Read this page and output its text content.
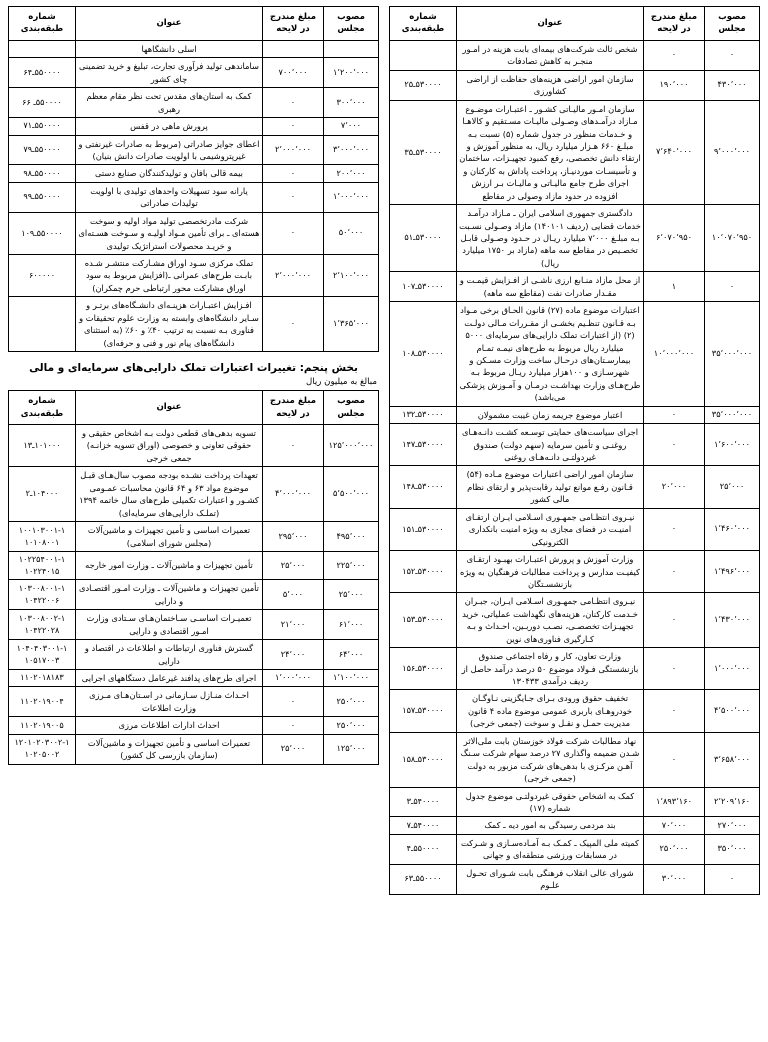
مصوب مجلس	مبلغ مندرج در لایحه	عنوان	شماره طبقه‌بندی
		اسلی دانشگاهها	
۱٬۲۰۰٬۰۰۰	۷۰۰٬۰۰۰	ساماندهی تولید فرآوری تجارت، تبلیغ و خرید تضمینی چای کشور	۵۵۰۰۰۰ـ۶۴
۳۰۰٬۰۰۰	۰	کمک به استان‌های مقدس تحت نظر مقام معظم رهبری	۵۵۰۰۰۰ـ ۶۶
۷٬۰۰۰	۰	پرورش ماهی در قفس	۵۵۰۰۰۰ـ۷۱
۳٬۰۰۰٬۰۰۰	۲٬۰۰۰٬۰۰۰	اعطای جوایز صادراتی (مربوط به صادرات غیرنفتی و غیرپتروشیمی با اولویت صادرات دانش بنیان)	۵۵۰۰۰۰ـ۷۹
۲۰۰٬۰۰۰	۰	بیمه قالی بافان و تولیدکنندگان صنایع دستی	۵۵۰۰۰۰ـ۹۸
۱٬۰۰۰٬۰۰۰	۰	یارانه سود تسهیلات واحدهای تولیدی با اولویت تولیدات صادراتی	۵۵۰۰۰۰ـ۹۹
۵۰٬۰۰۰	۰	شرکت مادرتخصصی تولید مواد اولیه و سوخت هسته‌ای ـ برای تأمین مـواد اولیـه و سـوخت هسـته‌ای و خریـد محصولات استراتژیک تولیدی	۵۵۰۰۰۰ـ۱۰۹
۲٬۱۰۰٬۰۰۰	۲٬۰۰۰٬۰۰۰	تملک مرکزی سـود اوراق مشـارکت منتشـر شـده بابـت طرح‌های عمرانی ـ(افزایش مربوط به سود اوراق مشارکت محور ارتباطی حرم چمکران)	۶۰۰۰۰۰
۱٬۳۶۵٬۰۰۰	۰	افـزایش اعتبـارات هزینـه‌ای دانشـگاه‌های برتـر و سـایر دانشگاه‌های وابسته به وزارت علوم تحقیقات و فناوری بـه نسبت به ترتیب ۴۰٪ و ۶۰٪ (به استثنای دانشگاه‌های پیام نور و فنی و حرفه‌ای)	
بخش پنجم: تغییرات اعتبارات تملک دارایی‌های سرمایه‌ای و مالی
مبالغ به میلیون ریال
مصوب مجلس	مبلغ مندرج در لایحه	عنوان	شماره طبقه‌بندی
۱۲۵٬۰۰۰٬۰۰۰	۰	تسویه بدهی‌های قطعی دولت بـه اشخاص حقیقی و حقوقی تعاونی و خصوصی (اوراق تسویه خزانـه) جمعی خرجی	۱۰۱۰۰۰ـ۱۳
۵٬۵۰۰٬۰۰۰	۴٬۰۰۰٬۰۰۰	تعهدات پرداخت نشـده بودجه مصوب سال‌هـای قبـل موضوع مواد ۶۳ و ۶۴ قانون محاسبات عمـومی کشـور و اعتبارات تکمیلی طرح‌های سال خاتمه ۱۳۹۴ (تملـک دارایی‌های سرمایه‌ای)	۱۰۴۰۰۰ـ۲
۴۹۵٬۰۰۰	۲۹۵٬۰۰۰	تعمیرات اساسی و تأمین تجهیزات و ماشین‌آلات (مجلس شورای اسلامی)	۱۰۰۱۰۳۰۰۱-۱ ۱۰۱۰۸۰۰۱
۲۲۵٬۰۰۰	۲۵٬۰۰۰	تأمین تجهیزات و ماشین‌آلات ـ وزارت امور خارجه	۱۰۲۲۵۴۰۰۱-۱ ۱۰۲۲۴۰۱۵
۲۵٬۰۰۰	۵٬۰۰۰	تأمین تجهیزات و ماشین‌آلات ـ وزارت امـور اقتصـادی و دارایی	۱۰۳۰۰۸۰۰۱-۱ ۱۰۴۲۲۰۰۶
۶۱٬۰۰۰	۲۱٬۰۰۰	تعمیـرات اساسـی سـاختمان‌هـای سـتادی وزارت امـور اقتصادی و دارایی	۱۰۳۰۰۸۰۰۲-۱ ۱۰۴۲۲۰۲۸
۶۴٬۰۰۰	۲۴٬۰۰۰	گسترش فناوری ارتباطات و اطلاعات در اقتصاد و دارایی	۱۰۴۰۴۰۳۰۰۱-۱ ۱۰۵۱۷۰۰۳
۱٬۱۰۰٬۰۰۰	۱٬۰۰۰٬۰۰۰	اجرای طرح‌های پدافند غیرعامل دستگاههای اجرایی	۱۱۰۲۰۱۸۱۸۳
۲۵۰٬۰۰۰	۰	احـداث منـازل سـازمانی در اسـتان‌هـای مـرزی وزارت اطلاعات	۱۱۰۲۰۱۹۰۰۴
۲۵۰٬۰۰۰	۰	احداث ادارات اطلاعات مرزی	۱۱۰۲۰۱۹۰۰۵
۱۲۵٬۰۰۰	۲۵٬۰۰۰	تعمیرات اساسی و تأمین تجهیزات و ماشین‌آلات (سازمان بازرسی کل کشور)	۱۲۰۱۰۲۰۳۰۰۲-۱ ۱۰۲۰۵۰۰۲
مصوب مجلس	مبلغ مندرج در لایحه	عنوان	شماره طبقه‌بندی
۰	۰	شخص ثالث شرکت‌های بیمه‌ای بابت هزینه در امـور منجـر به کاهش تصادفات	
۴۳۰٬۰۰۰	۱۹۰٬۰۰۰	سازمان امور اراضی هزینه‌های حفاظت از اراضی کشاورزی	۵۳۰۰۰۰ـ۲۵
۹٬۰۰۰٬۰۰۰	۷٬۶۴۰٬۰۰۰	سازمان امـور مالیـاتی کشـور ـ اعتبـارات موضـوع مـازاد درآمـدهای وصـولی مالیـات مسـتقیم و کالاهـا و خـدمات منظور در جدول شماره (۵) نسبت بـه مبلـغ ۶۶۰ هـزار میلیارد ریال، به منظور آموزش و ارتقاء دانش تخصصی، رفع کمبود تجهیـزات، ساختمان و تأسیسـات موردنیـاز، پرداخت پاداش به کارکنان و اجرای طرح جامع مالیـاتی و مالیـات بـر ارزش افزوده در حدود مازاد وصولی در مقاطع	۵۳۰۰۰۰ـ۳۵
۱۰٬۰۷۰٬۹۵۰	۶٬۰۷۰٬۹۵۰	دادگستری جمهوری اسلامی ایران ـ مـازاد درآمـد خدمات قضایی (ردیف ۱۴۰۱۰۱) مازاد وصـولی نسـبت بـه مبلـغ ۷٬۰۰۰ میلیارد ریـال در حـدود وصـولی قابـل تخصـیص در مقاطع سه ماهه (مازاد بر ۱۷۵۰ میلیارد ریال)	۵۳۰۰۰۰ـ۵۱
۰	۱	از محل مازاد منـابع ارزی ناشـی از افـزایش قیمـت و مقـدار صادرات نفت (مقاطع سه ماهه)	۵۳۰۰۰۰ـ۱۰۷
۳۵٬۰۰۰٬۰۰۰	۱۰٬۰۰۰٬۰۰۰	اعتبارات موضوع ماده (۲۷) قانون الحـاق برخی مـواد بـه قـانون تنظـیم بخشـی از مقـررات مـالی دولـت (۲) (از اعتبارات تملک دارایی‌های سرمایه‌ای ۵۰۰۰ میلیارد ریال مربوط به طرح‌های نیمـه تمـام بیمارسـتان‌های درحـال ساخت وزارت مسـکن و شهرسـازی و ۱۰۰هزار میلیارد ریـال مربوط بـه طرح‌هـای وزارت بهداشـت درمـان و آمـوزش پزشکی می‌باشد)	۵۳۰۰۰۰ـ۱۰۸
۳۵٬۰۰۰٬۰۰۰	۰	اعتبار موضوع جریمه زمان غیبت مشمولان	۵۳۰۰۰۰ـ۱۳۲
۱٬۶۰۰٬۰۰۰	۰	اجرای سیاست‌های حمایتی توسـعه کشـت دانـه‌هـای روغنـی و تأمین سرمایه (سهم دولت) صندوق غیردولتـی دانـه‌هـای روغنی	۵۳۰۰۰۰ـ۱۴۷
۲۵٬۰۰۰	۲۰٬۰۰۰	سازمان امور اراضی اعتبارات موضوع مـاده (۵۴) قـانون رفـع موانع تولید رقابت‌پذیر و ارتقای نظام مالی کشور	۵۳۰۰۰۰ـ۱۴۸
۱٬۴۶۰٬۰۰۰	۰	نیـروی انتظـامی جمهـوری اسـلامی ایـران ارتقـای امنیـت در فضای مجازی به ویژه امنیت بانکداری الکترونیکی	۵۳۰۰۰۰ـ۱۵۱
۱٬۴۹۶٬۰۰۰	۰	وزارت آموزش و پرورش اعتبـارات بهبـود ارتقـای کیفیـت مدارس و پرداخت مطالبات فرهنگیان به ویژه بازنشسـتگان	۵۳۰۰۰۰ـ۱۵۲
۱٬۴۳۰٬۰۰۰	۰	نیـروی انتظـامی جمهـوری اسـلامی ایـران، جبـران خـدمت کارکنان، هزینه‌های نگهداشت عملیاتی، خرید تجهیـزات تخصصـی، نصـب دوربـین، احـداث و بـه کـارگیری فناوری‌های نوین	۵۳۰۰۰۰ـ۱۵۳
۱٬۰۰۰٬۰۰۰	۰	وزارت تعاون، کار و رفاه اجتماعی صندوق بازنشستگی فـولاد موضوع ۵۰ درصد درآمد حاصل از ردیف درآمدی ۱۳۰۴۳۳	۵۳۰۰۰۰ـ۱۵۶
۴٬۵۰۰٬۰۰۰	۰	تخفیف حقوق ورودی بـرای جـایگزینی نـاوگـان خودروهـای باربری عمومی موضوع ماده ۴ قانون مدیریت حمـل و نقـل و سوخت (جمعی خرجی)	۵۳۰۰۰۰ـ۱۵۷
۳٬۶۵۸٬۰۰۰	۰	نهاد مطالبات شرکت فولاد خوزستان بابت ملی‌الاثر شـدن ضمیمه واگذاری ۲۷ درصد سهام شرکت سـنگ آهـن مرکـزی با بدهی‌های شرکت مزبور به دولت (جمعی خرجی)	۵۳۰۰۰۰ـ۱۵۸
۲٬۲۰۹٬۱۶۰	۱٬۸۹۳٬۱۶۰	کمک به اشخاص حقوقی غیردولتـی موضوع جدول شماره (۱۷)	۵۴۰۰۰۰ـ۳
۲۷۰٬۰۰۰	۷۰٬۰۰۰	بند مردمی رسیدگی به امور دیه ـ کمک	۵۴۰۰۰۰ـ۷
۳۵۰٬۰۰۰	۲۵۰٬۰۰۰	کمیته ملی المپیک ـ کمـک بـه آمـاده‌سـازی و شـرکت در مسابقات ورزشی منطقه‌ای و جهانی	۵۵۰۰۰۰ـ۴
۰	۳۰٬۰۰۰	شورای عالی انقلاب فرهنگی بابت شـورای تحـول علـوم	۵۵۰۰۰۰ـ۶۳
